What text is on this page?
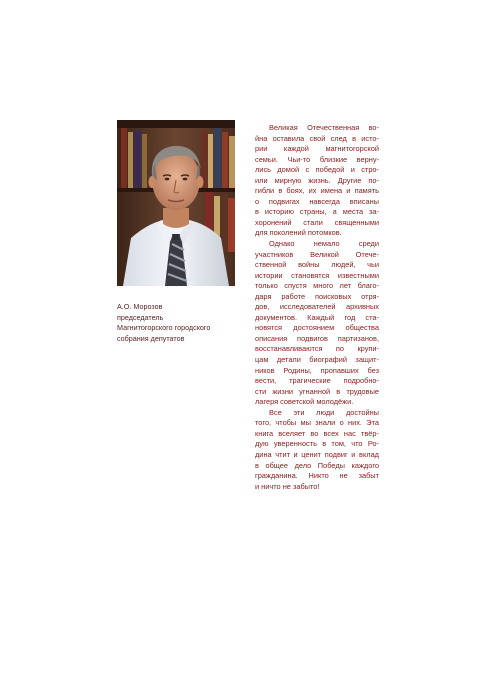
А.О. Морозов
председатель
Магнитогорского городского
собрания депутатов
Великая Отечественная во-
йна оставила свой след в исто-
рии каждой магнитогорской
семьи. Чьи-то близкие верну-
лись домой с победой и стро-
или мирную жизнь. Другие по-
гибли в боях, их имена и память
о подвигах навсегда вписаны
в историю страны, а места за-
хоронений стали священными
для поколений потомков.
Однако немало среди
участников Великой Отече-
ственной войны людей, чьи
истории становятся известными
только спустя много лет благо-
даря работе поисковых отря-
дов, исследователей архивных
документов. Каждый год ста-
новятся достоянием общества
описания подвигов партизанов,
восстанавливаются по крупи-
цам детали биографий защит-
ников Родины, пропавших без
вести, трагические подробно-
сти жизни угнанной в трудовые
лагеря советской молодёжи.
Все эти люди достойны
того, чтобы мы знали о них. Эта
книга вселяет во всех нас твёр-
дую уверенность в том, что Ро-
дина чтит и ценит подвиг и вклад
в общее дело Победы каждого
гражданина. Никто не забыт
и ничто не забыто!
